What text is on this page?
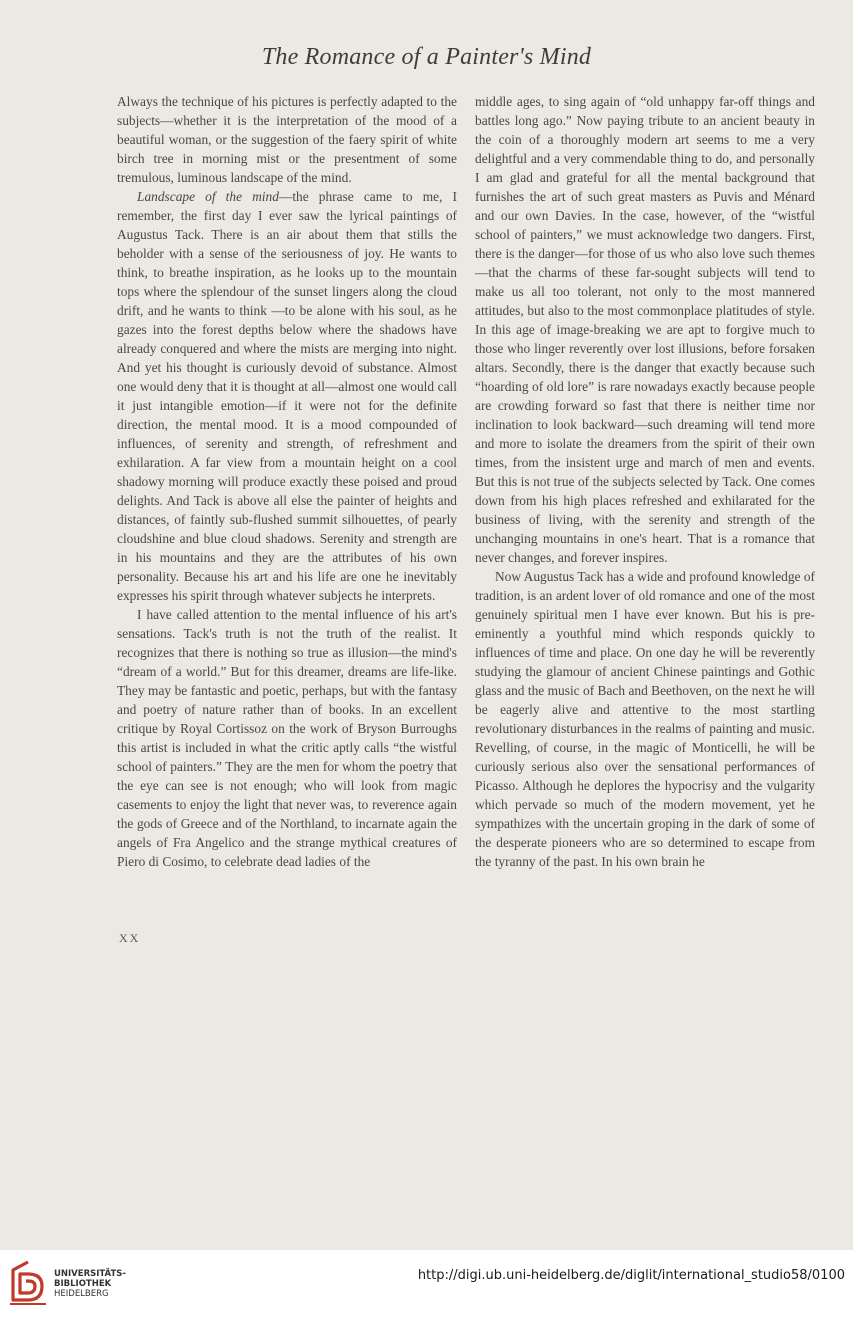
The Romance of a Painter's Mind

Always the technique of his pictures is perfectly adapted to the subjects—whether it is the interpretation of the mood of a beautiful woman, or the suggestion of the faery spirit of white birch tree in morning mist or the presentment of some tremulous, luminous landscape of the mind.

Landscape of the mind—the phrase came to me, I remember, the first day I ever saw the lyrical paintings of Augustus Tack. There is an air about them that stills the beholder with a sense of the seriousness of joy. He wants to think, to breathe inspiration, as he looks up to the mountain tops where the splendour of the sunset lingers along the cloud drift, and he wants to think —to be alone with his soul, as he gazes into the forest depths below where the shadows have already conquered and where the mists are merging into night. And yet his thought is curiously devoid of substance. Almost one would deny that it is thought at all—almost one would call it just intangible emotion—if it were not for the definite direction, the mental mood. It is a mood compounded of influences, of serenity and strength, of refreshment and exhilaration. A far view from a mountain height on a cool shadowy morning will produce exactly these poised and proud delights. And Tack is above all else the painter of heights and distances, of faintly sub-flushed summit silhouettes, of pearly cloudshine and blue cloud shadows. Serenity and strength are in his mountains and they are the attributes of his own personality. Because his art and his life are one he inevitably expresses his spirit through whatever subjects he interprets.

I have called attention to the mental influence of his art's sensations. Tack's truth is not the truth of the realist. It recognizes that there is nothing so true as illusion—the mind's “dream of a world.” But for this dreamer, dreams are life-like. They may be fantastic and poetic, perhaps, but with the fantasy and poetry of nature rather than of books. In an excellent critique by Royal Cortissoz on the work of Bryson Burroughs this artist is included in what the critic aptly calls “the wistful school of painters.” They are the men for whom the poetry that the eye can see is not enough; who will look from magic casements to enjoy the light that never was, to reverence again the gods of Greece and of the Northland, to incarnate again the angels of Fra Angelico and the strange mythical creatures of Piero di Cosimo, to celebrate dead ladies of the

middle ages, to sing again of “old unhappy far-off things and battles long ago.” Now paying tribute to an ancient beauty in the coin of a thoroughly modern art seems to me a very delightful and a very commendable thing to do, and personally I am glad and grateful for all the mental background that furnishes the art of such great masters as Puvis and Ménard and our own Davies. In the case, however, of the “wistful school of painters,” we must acknowledge two dangers. First, there is the danger—for those of us who also love such themes—that the charms of these far-sought subjects will tend to make us all too tolerant, not only to the most mannered attitudes, but also to the most commonplace platitudes of style. In this age of image-breaking we are apt to forgive much to those who linger reverently over lost illusions, before forsaken altars. Secondly, there is the danger that exactly because such “hoarding of old lore” is rare nowadays exactly because people are crowding forward so fast that there is neither time nor inclination to look backward—such dreaming will tend more and more to isolate the dreamers from the spirit of their own times, from the insistent urge and march of men and events. But this is not true of the subjects selected by Tack. One comes down from his high places refreshed and exhilarated for the business of living, with the serenity and strength of the unchanging mountains in one's heart. That is a romance that never changes, and forever inspires.

Now Augustus Tack has a wide and profound knowledge of tradition, is an ardent lover of old romance and one of the most genuinely spiritual men I have ever known. But his is pre-eminently a youthful mind which responds quickly to influences of time and place. On one day he will be reverently studying the glamour of ancient Chinese paintings and Gothic glass and the music of Bach and Beethoven, on the next he will be eagerly alive and attentive to the most startling revolutionary disturbances in the realms of painting and music. Revelling, of course, in the magic of Monticelli, he will be curiously serious also over the sensational performances of Picasso. Although he deplores the hypocrisy and the vulgarity which pervade so much of the modern movement, yet he sympathizes with the uncertain groping in the dark of some of the desperate pioneers who are so determined to escape from the tyranny of the past. In his own brain he

XX
UNIVERSITÄTS-
BIBLIOTHEK
HEIDELBERG
http://digi.ub.uni-heidelberg.de/diglit/international_studio58/0100
